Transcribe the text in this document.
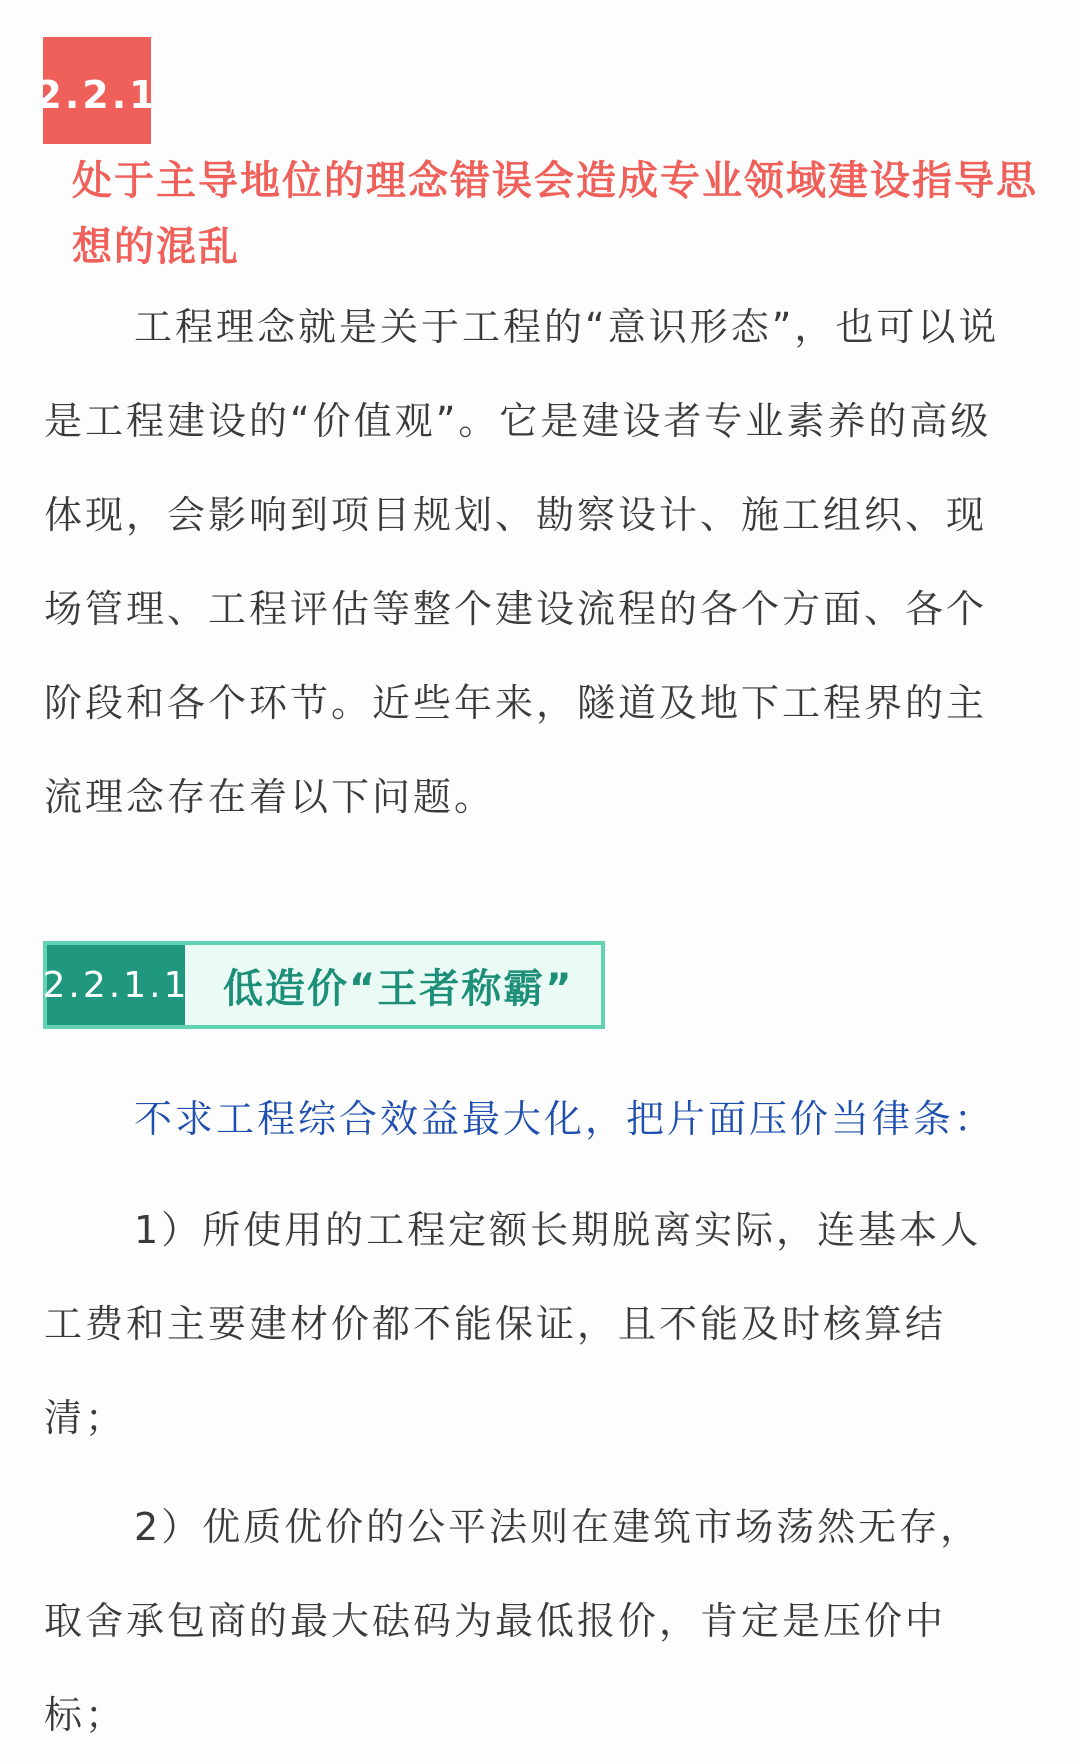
2.2.1
处于主导地位的理念错误会造成专业领域建设指导思
想的混乱
工程理念就是关于工程的“意识形态”，也可以说
是工程建设的“价值观”。它是建设者专业素养的高级
体现，会影响到项目规划、勘察设计、施工组织、现
场管理、工程评估等整个建设流程的各个方面、各个
阶段和各个环节。近些年来，隧道及地下工程界的主
流理念存在着以下问题。
2.2.1.1 低造价“王者称霸”
不求工程综合效益最大化，把片面压价当律条：
1）所使用的工程定额长期脱离实际，连基本人
工费和主要建材价都不能保证，且不能及时核算结
清；
2）优质优价的公平法则在建筑市场荡然无存，
取舍承包商的最大砝码为最低报价，肯定是压价中
标；
